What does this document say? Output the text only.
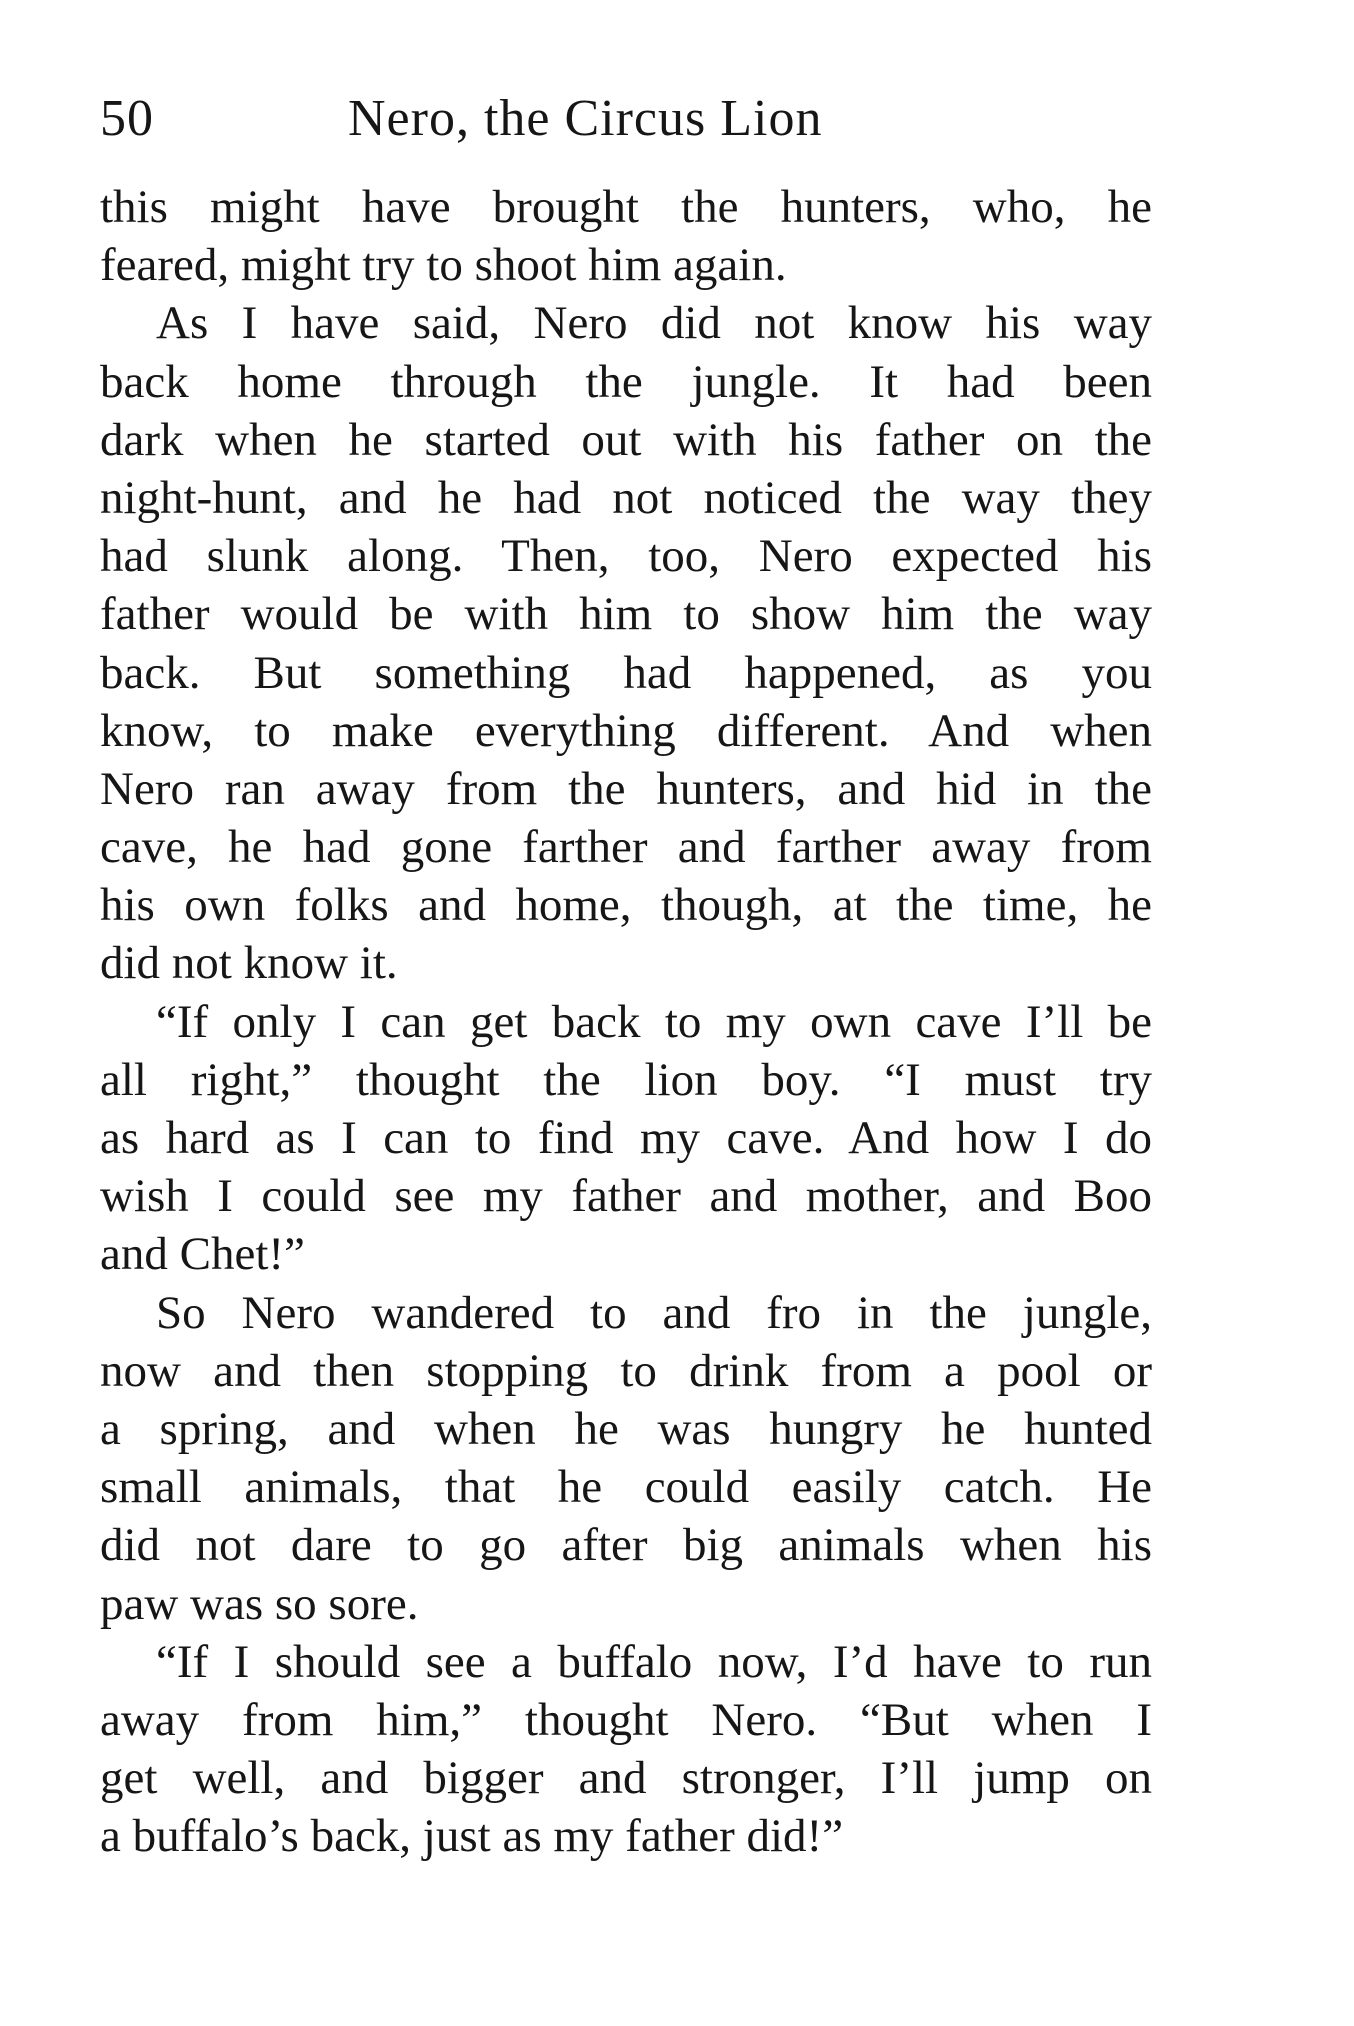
50	Nero, the Circus Lion
this might have brought the hunters, who, he
feared, might try to shoot him again.
As I have said, Nero did not know his way
back home through the jungle. It had been
dark when he started out with his father on the
night-hunt, and he had not noticed the way they
had slunk along. Then, too, Nero expected his
father would be with him to show him the way
back. But something had happened, as you
know, to make everything different. And when
Nero ran away from the hunters, and hid in the
cave, he had gone farther and farther away from
his own folks and home, though, at the time, he
did not know it.
“If only I can get back to my own cave I’ll be
all right,” thought the lion boy. “I must try
as hard as I can to find my cave. And how I do
wish I could see my father and mother, and Boo
and Chet!”
So Nero wandered to and fro in the jungle,
now and then stopping to drink from a pool or
a spring, and when he was hungry he hunted
small animals, that he could easily catch. He
did not dare to go after big animals when his
paw was so sore.
“If I should see a buffalo now, I’d have to run
away from him,” thought Nero. “But when I
get well, and bigger and stronger, I’ll jump on
a buffalo’s back, just as my father did!”
